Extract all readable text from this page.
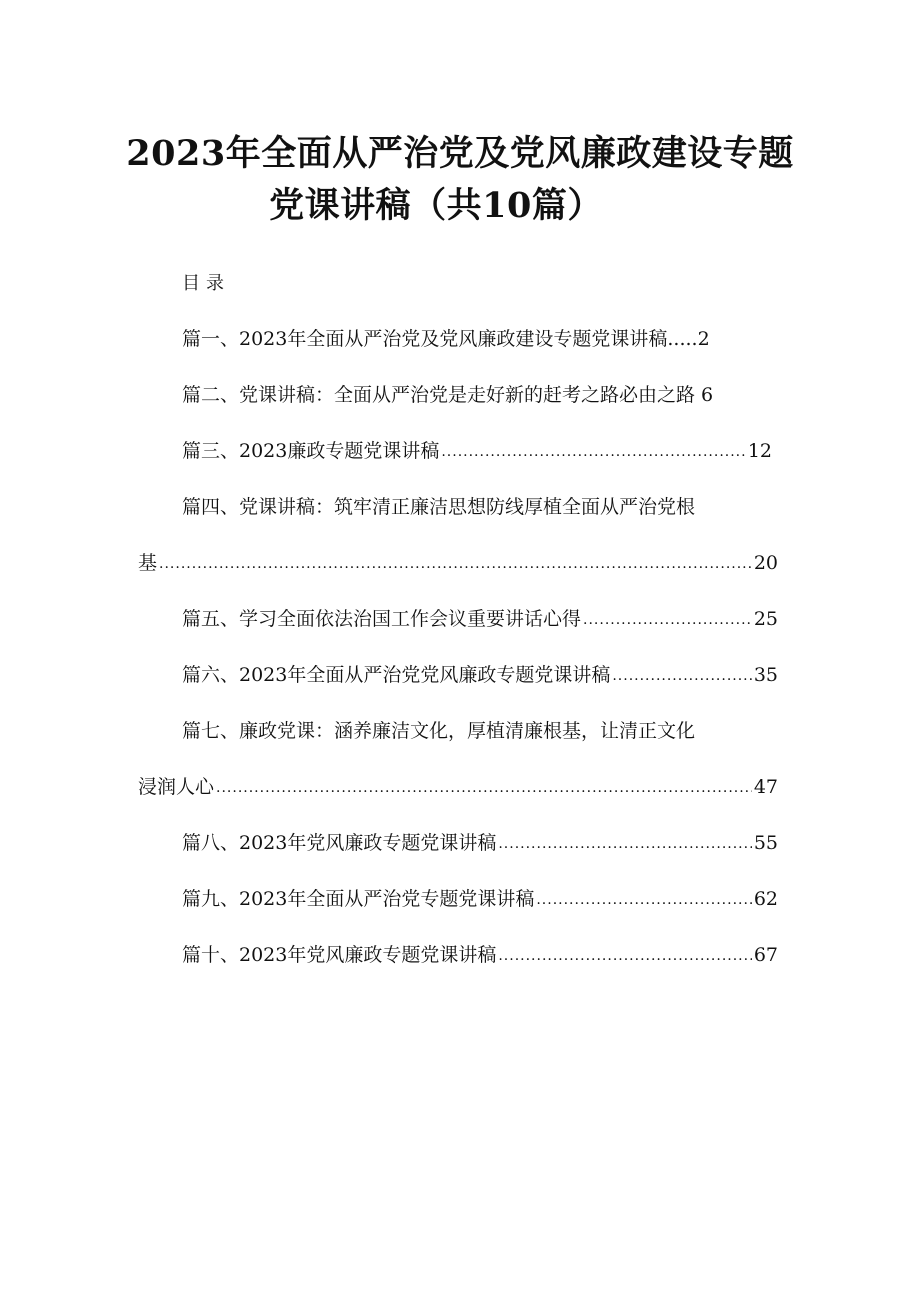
2023年全面从严治党及党风廉政建设专题
党课讲稿（共10篇）
目录
篇一、2023年全面从严治党及党风廉政建设专题党课讲稿 ..... 2
篇二、党课讲稿：全面从严治党是走好新的赶考之路必由之路 6
篇三、2023廉政专题党课讲稿 .....	12
篇四、党课讲稿：筑牢清正廉洁思想防线厚植全面从严治党根
基 .....	20
篇五、学习全面依法治国工作会议重要讲话心得 .....	25
篇六、2023年全面从严治党党风廉政专题党课讲稿 .....	35
篇七、廉政党课：涵养廉洁文化，厚植清廉根基，让清正文化
浸润人心 .....	47
篇八、2023年党风廉政专题党课讲稿 .....	55
篇九、2023年全面从严治党专题党课讲稿 .....	62
篇十、2023年党风廉政专题党课讲稿 .....	67
